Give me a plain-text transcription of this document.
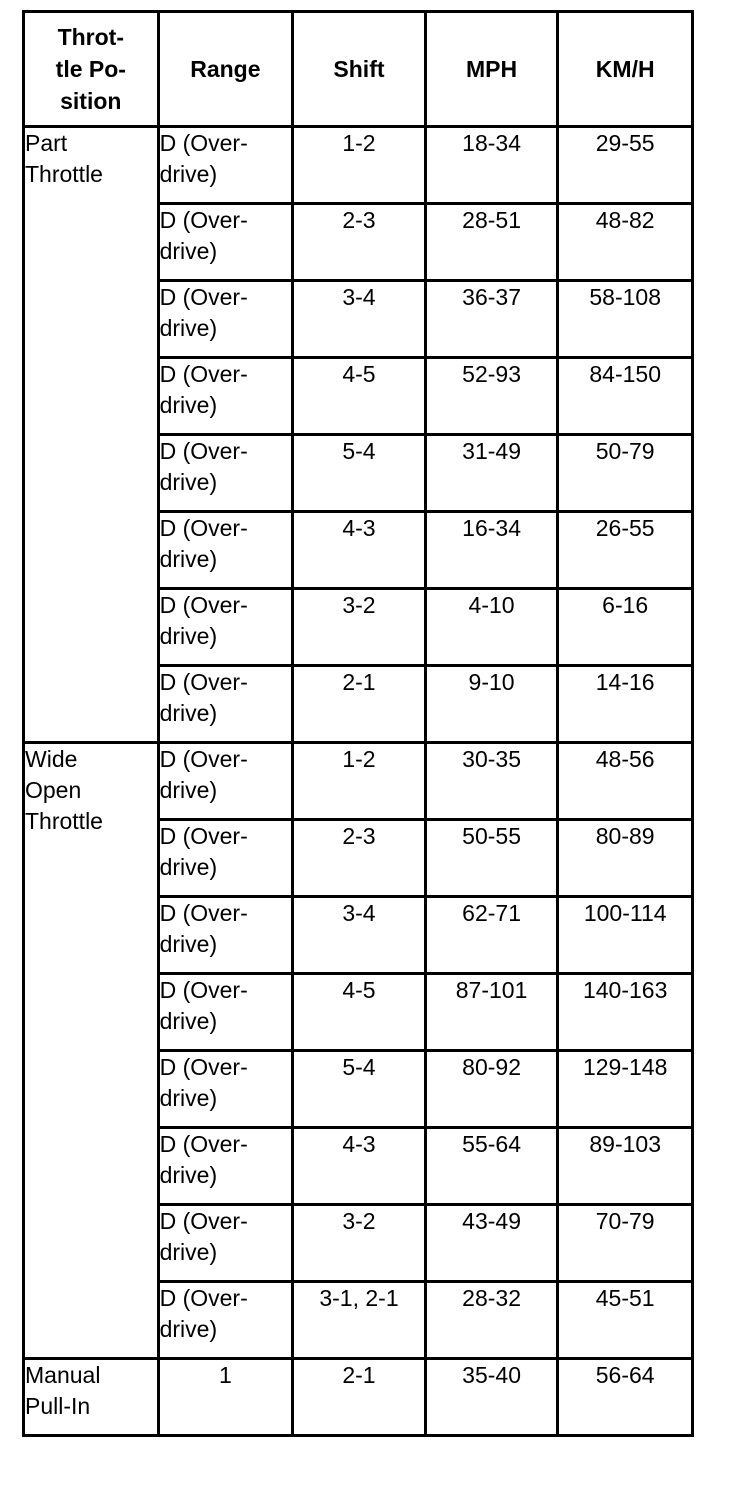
Throt-
tle Po-
sition	Range	Shift	MPH	KM/H

Part
Throttle	D (Over-
drive)	1-2	18-34	29-55
	D (Over-
drive)	2-3	28-51	48-82
	D (Over-
drive)	3-4	36-37	58-108
	D (Over-
drive)	4-5	52-93	84-150
	D (Over-
drive)	5-4	31-49	50-79
	D (Over-
drive)	4-3	16-34	26-55
	D (Over-
drive)	3-2	4-10	6-16
	D (Over-
drive)	2-1	9-10	14-16
Wide
Open
Throttle	D (Over-
drive)	1-2	30-35	48-56
	D (Over-
drive)	2-3	50-55	80-89
	D (Over-
drive)	3-4	62-71	100-114
	D (Over-
drive)	4-5	87-101	140-163
	D (Over-
drive)	5-4	80-92	129-148
	D (Over-
drive)	4-3	55-64	89-103
	D (Over-
drive)	3-2	43-49	70-79
	D (Over-
drive)	3-1, 2-1	28-32	45-51
Manual
Pull-In	1	2-1	35-40	56-64
